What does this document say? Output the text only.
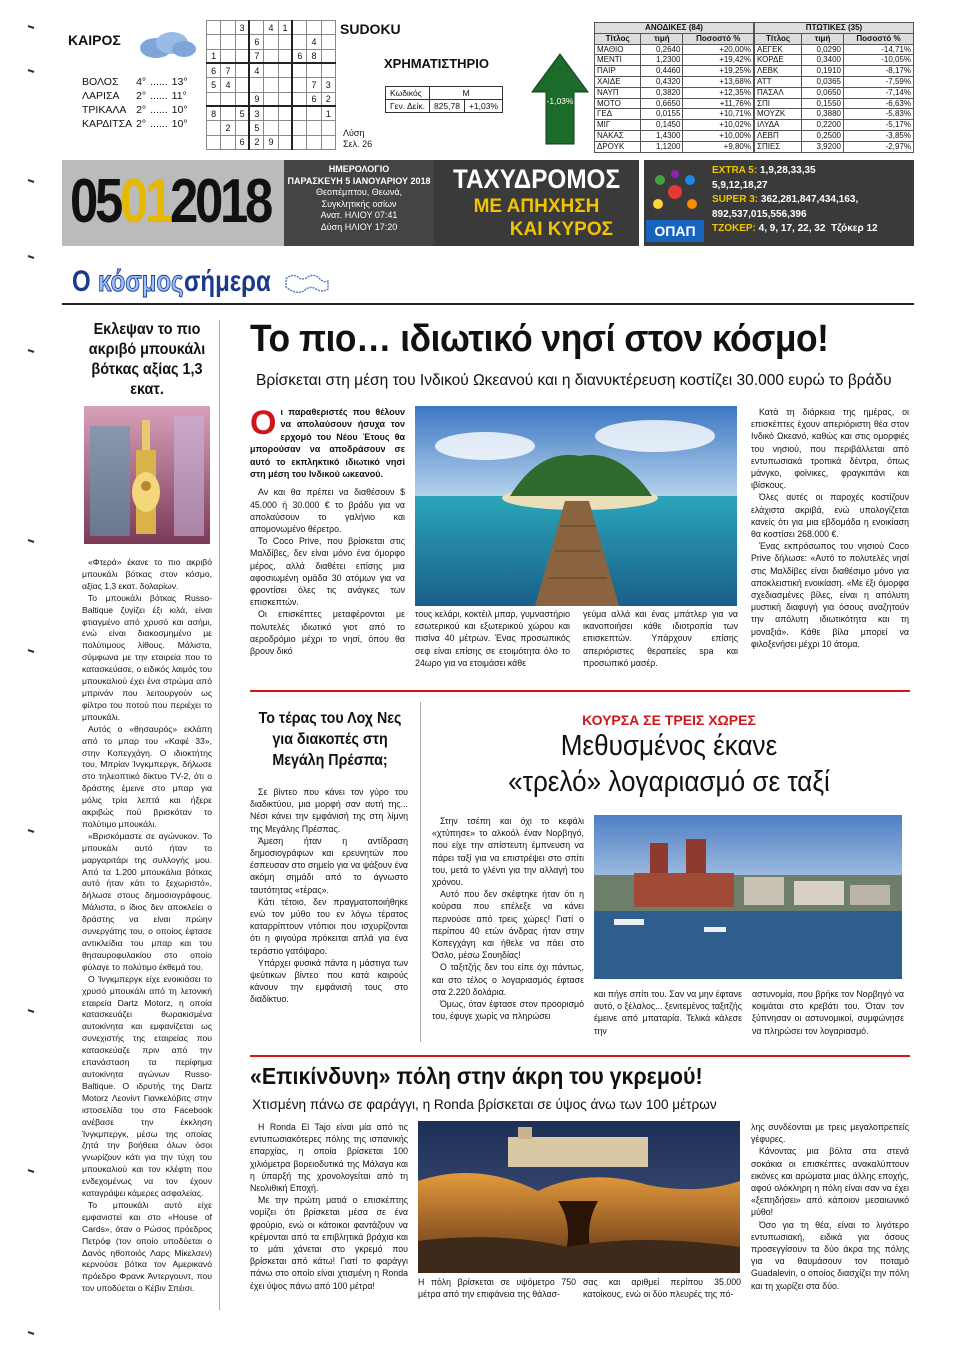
ΚΑΙΡΟΣ
ΒΟΛΟΣ	4°	......	13°
ΛΑΡΙΣΑ	2°	......	11°
ΤΡΙΚΑΛΑ	2°	......	10°
ΚΑΡΔΙΤΣΑ	2°	......	10°
		3		4	1			
			6				4	
1			7			6	8	
6	7		4					
5	4						7	3
			9				6	2
8		5	3					1
	2		5					
		6	2	9				
SUDOKU
Λύση Σελ. 26
ΧΡΗΜΑΤΙΣΤΗΡΙΟ
Κωδικός	Μ	
Γεν. Δείκ.	825,78	+1,03%	-1,03%
ΑΝΟΔΙΚΕΣ (84)		
Τίτλος	τιμή	Ποσοστό %
ΜΑΘΙΟ	0,2640	+20,00%
ΜΕΝΤΙ	1,2300	+19,42%
ΠΑΙΡ	0,4460	+19,25%
ΧΑΙΔΕ	0,4320	+13,68%
ΝΑΥΠ	0,3820	+12,35%
ΜΟΤΟ	0,6650	+11,76%
ΓΕΔ	0,0155	+10,71%
ΜΙΓ	0,1450	+10,02%
ΝΑΚΑΣ	1,4300	+10,00%
ΔΡΟΥΚ	1,1200	+9,80%
ΠΤΩΤΙΚΕΣ (35)		
Τίτλος	τιμή	Ποσοστό %
ΑΕΓΕΚ	0,0290	-14,71%
ΚΟΡΔΕ	0,3400	-10,05%
ΛΕΒΚ	0,1910	-8,17%
ΑΤΤ	0,0365	-7,59%
ΠΑΣΑΛ	0,0650	-7,14%
ΣΠΙ	0,1550	-6,63%
ΜΟΥΖΚ	0,3880	-5,83%
ΙΛΥΔΑ	0,2200	-5,17%
ΛΕΒΠ	0,2500	-3,85%
ΣΠΙΕΣ	3,9200	-2,97%
05012018	ΗΜΕΡΟΛΟΓΙΟ
ΠΑΡΑΣΚΕΥΗ 5 ΙΑΝΟΥΑΡΙΟΥ 2018
Θεοπέμπτου, Θεωνά,
Συγκλητικής οσίων
Ανατ. ΗΛΙΟΥ 07:41
Δύση ΗΛΙΟΥ 17:20
ΤΑΧΥΔΡΟΜΟΣ
ΜΕ ΑΠΗΧΗΣΗ
ΚΑΙ ΚΥΡΟΣ	ΟΠΑΠ
EXTRA 5: 1,9,28,33,35
5,9,12,18,27
SUPER 3: 362,281,847,434,163,
892,537,015,556,396
ΤΖΟΚΕΡ: 4, 9, 17, 22, 32 Τζόκερ 12
Ο κόσμος σήμερα
Εκλεψαν το πιο ακριβό μπουκάλι βότκας αξίας 1,3 εκατ.

«Φτερά» έκανε το πιο ακριβό μπουκάλι βότκας στον κόσμο, αξίας 1,3 εκατ. δολαρίων.

Το μπουκάλι βότκας Russo-Baltique ζυγίζει έξι κιλά, είναι φτιαγμένο από χρυσό και ασήμι, ενώ είναι διακοσμημένο με πολύτιμους λίθους. Μάλιστα, σύμφωνα με την εταιρεία που το κατασκεύασε, ο ειδικός λαιμός του μπουκαλιού έχει ένα στρώμα από μπρινάν που λειτουργούν ως φίλτρο του ποτού που περιέχει το μπουκάλι.

Αυτός ο «θησαυρός» εκλάπη από το μπαρ του «Καφέ 33», στην Κοπεγχάγη. Ο ιδιοκτήτης του, Μπρίαν Ίνγκμπεργκ, δήλωσε στο τηλεοπτικό δίκτυο TV-2, ότι ο δράστης έμεινε στο μπαρ για μόλις τρία λεπτά και ήξερε ακριβώς πού βρισκόταν το πολύτιμο μπουκάλι.

«Βρισκόμαστε σε αγώνυκον. Το μπουκάλι αυτό ήταν το μαργαριτάρι της συλλογής μου. Από τα 1.200 μπουκάλια βότκας αυτό ήταν κάτι το ξεχωριστό», δήλωσε στους δημοσιογράφους. Μάλιστα, ο ίδιος δεν αποκλείει ο δράστης να είναι πρώην συνεργάτης του, ο οποίος έφτασε αντικλείδια του μπαρ και του θησαυροφυλακίου στο οποίο φύλαγε το πολύτιμο έκθεμά του.

Ο Ίνγκμπεργκ είχε ενοικιάσει το χρυσό μπουκάλι από τη λετονική εταιρεία Dartz Motorz, η οποία κατασκευάζει θωρακισμένα αυτοκίνητα και εμφανίζεται ως συνεχιστής της εταιρείας που κατασκεύαζε πριν από την επανάσταση τα περίφημα αυτοκίνητα αγώνων Russo-Baltique. Ο ιδρυτής της Dartz Motorz Λεονίντ Γιανκελόβιτς στην ιστοσελίδα του στο Facebook ανέβασε την έκκληση Ίνγκμπεργκ, μέσω της οποίας ζητά την βοήθεια όλων όσοι γνωρίζουν κάτι για την τύχη του μπουκαλιού και τον κλέφτη που ενδεχομένως να τον έχουν καταγράψει κάμερες ασφαλείας.

Το μπουκάλι αυτό είχε εμφανιστεί και στο «House of Cards», όταν ο Ρώσος πρόεδρος Πετρόφ (τον οποίο υποδύεται ο Δανός ηθοποιός Λαρς Μίκελσεν) κερνούσε βότκα τον Αμερικανό πρόεδρο Φρανκ Άντεργουντ, που τον υποδύεται ο Κέβιν Σπέισι.

Το πιο… ιδιωτικό νησί στον κόσμο!
Βρίσκεται στη μέση του Ινδικού Ωκεανού και η διανυκτέρευση κοστίζει 30.000 ευρώ το βράδυ

Οι παραθεριστές που θέλουν να απολαύσουν ήσυχα τον ερχομό του Νέου Έτους θα μπορούσαν να αποδράσουν σε αυτό το εκπληκτικό ιδιωτικό νησί στη μέση του Ινδικού ωκεανού.

Αν και θα πρέπει να διαθέσουν $ 45.000 ή 30.000 € το βράδυ για να απολαύσουν το γαλήνιο και απομονωμένο θέρετρο.

Το Coco Prive, που βρίσκεται στις Μαλδίβες, δεν είναι μόνο ένα όμορφο μέρος, αλλά διαθέτει επίσης μια αφοσιωμένη ομάδα 30 ατόμων για να φροντίσει όλες τις ανάγκες των επισκεπτών.

Οι επισκέπτες μεταφέρονται με πολυτελές ιδιωτικό γιοτ από το αεροδρόμιο μέχρι το νησί, όπου θα βρουν δικό

τους κελάρι, κοκτέιλ μπαρ, γυμναστήριο εσωτερικού και εξωτερικού χώρου και πισίνα 40 μέτρων. Ένας προσωπικός σεφ είναι επίσης σε ετοιμότητα όλο το 24ωρο για να ετοιμάσει κάθε

γεύμα αλλά και ένας μπάτλερ για να ικανοποιήσει κάθε ιδιοτροπία των επισκεπτών. Υπάρχουν επίσης απεριόριστες θεραπείες spa και προσωπικό μασέρ.

Κατά τη διάρκεια της ημέρας, οι επισκέπτες έχουν απεριόριστη θέα στον Ινδικό Ωκεανό, καθώς και στις ομορφιές του νησιού, που περιβάλλεται από εντυπωσιακά τροπικά δέντρα, όπως μάνγκο, φοίνικες, φραγκιπάνι και ιβίσκους.

Όλες αυτές οι παροχές κοστίζουν ελάχιστα ακριβά, ενώ υπολογίζεται κανείς ότι για μια εβδομάδα η ενοικίαση θα κοστίσει 268.000 €.

Ένας εκπρόσωπος του νησιού Coco Prive δήλωσε: «Αυτό το πολυτελές νησί στις Μαλδίβες είναι διαθέσιμο μόνο για αποκλειστική ενοικίαση. «Με έξι όμορφα σχεδιασμένες βίλες, είναι η απόλυτη μυστική διαφυγή για όσους αναζητούν την απόλυτη ιδιωτικότητα και τη μοναξιά». Κάθε βίλα μπορεί να φιλοξενήσει μέχρι 10 άτομα.

Το τέρας του Λοχ Νες για διακοπές στη Μεγάλη Πρέσπα;

Σε βίντεο που κάνει τον γύρο του διαδικτύου, μια μορφή σαν αυτή της... Νέσι κάνει την εμφάνισή της στη λίμνη της Μεγάλης Πρέσπας.

Άμεση ήταν η αντίδραση δημοσιογράφων και ερευνητών που έσπευσαν στο σημείο για να ψάξουν ένα ακόμη σημάδι από το άγνωστο ταυτότητας «τέρας».

Κάτι τέτοιο, δεν πραγματοποιήθηκε ενώ τον μύθο του εν λόγω τέρατος καταρρίπτουν ντόπιοι που ισχυρίζονται ότι η φιγούρα πρόκειται απλά για ένα τεράστιο γατόψαρο.

Υπάρχει φυσικά πάντα η μάστιγα των ψεύτικων βίντεο που κατά καιρούς κάνουν την εμφάνισή τους στο διαδίκτυο.

ΚΟΥΡΣΑ ΣΕ ΤΡΕΙΣ ΧΩΡΕΣ
Μεθυσμένος έκανε
«τρελό» λογαριασμό σε ταξί

Στην τσέπη και όχι το κεφάλι «χτύπησε» το αλκοόλ έναν Νορβηγό, που είχε την απίστευτη έμπνευση να πάρει ταξί για να επιστρέψει στο σπίτι του, μετά το γλέντι για την αλλαγή του χρόνου.

Αυτό που δεν σκέφτηκε ήταν ότι η κούρσα που επέλεξε να κάνει περνούσε από τρεις χώρες! Γιατί ο περίπου 40 ετών άνδρας ήταν στην Κοπεγχάγη και ήθελε να πάει στο Όσλο, μέσω Σουηδίας!

Ο ταξιτζής δεν του είπε όχι πάντως, και στο τέλος ο λογαριασμός έφτασε στα 2.220 δολάρια.

Όμως, όταν έφτασε στον προορισμό του, έφυγε χωρίς να πληρώσει

και πήγε σπίτι του. Σαν να μην έφτανε αυτό, ο ξέλαλος... ξενιτεμένος ταξιτζής έμεινε από μπαταρία. Τελικά κάλεσε την

αστυνομία, που βρήκε τον Νορβηγό να κοιμάται στο κρεβάτι του. Όταν τον ξύπνησαν οι αστυνομικοί, συμφώνησε να πληρώσει τον λογαριασμό.

«Επικίνδυνη» πόλη στην άκρη του γκρεμού!
Χτισμένη πάνω σε φαράγγι, η Ronda βρίσκεται σε ύψος άνω των 100 μέτρων

Η Ronda El Tajo είναι μία από τις εντυπωσιακότερες πόλης της ισπανικής επαρχίας, η οποία βρίσκεται 100 χιλιόμετρα βορειοδυτικά της Μάλαγα και η ύπαρξή της χρονολογείται από τη Νεολιθική Εποχή.

Με την πρώτη ματιά ο επισκέπτης νομίζει ότι βρίσκεται μέσα σε ένα φρούριο, ενώ οι κάτοικοι φαντάζουν να κρέμονται από τα επιβλητικά βράχια και το μάτι χάνεται στο γκρεμό που βρίσκεται από κάτω! Γιατί το φαράγγι πάνω στο οποίο είναι χτισμένη η Ronda έχει ύψος πάνω από 100 μέτρα!	Η πόλη βρίσκεται σε υψόμετρο 750 μέτρα από την επιφάνεια της θάλασ-

σας και αριθμεί περίπου 35.000 κατοίκους, ενώ οι δύο πλευρές της πό-

λης συνδέονται με τρεις μεγαλοπρεπείς γέφυρες.

Κάνοντας μια βόλτα στα στενά σοκάκια οι επισκέπτες ανακαλύπτουν εικόνες και αρώματα μιας άλλης εποχής, αφού ολόκληρη η πόλη είναι σαν να έχει «ξεπηδήσει» από κάποιον μεσαιωνικό μύθο!

Όσο για τη θέα, είναι το λιγότερο εντυπωσιακή, ειδικά για όσους προσεγγίσουν τα δύο άκρα της πόλης για να θαυμάσουν τον ποταμό Guadalevin, ο οποίος διασχίζει την πόλη και τη χωρίζει στα δύο.
